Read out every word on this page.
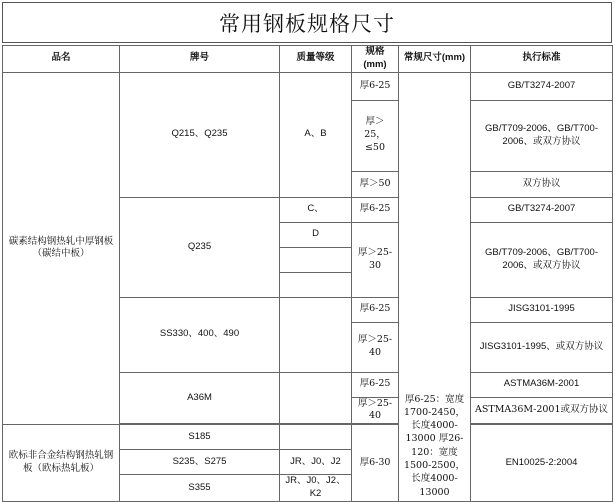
常用钢板规格尺寸
品名	牌号	质量等级	规格(mm)	常规尺寸(mm)	执行标准
碳素结构钢热轧中厚钢板（碳结中板）	Q215、Q235	A、B	厚6-25	厚6-25：宽度1700-2450，长度4000-13000 厚26-120：宽度1500-2500，长度4000-13000	GB/T3274-2007
			厚＞25，≤50		GB/T709-2006、GB/T700-2006、或双方协议
			厚＞50		双方协议
	Q235	C、	厚6-25		GB/T3274-2007
		D	厚＞25-30		GB/T709-2006、GB/T700-2006、或双方协议

	SS330、400、490		厚6-25		JISG3101-1995
			厚＞25-40		JISG3101-1995、或双方协议
	A36M		厚6-25		ASTMA36M-2001
			厚＞25-40		ASTMA36M-2001或双方协议

欧标非合金结构钢热轧钢板（欧标热轧板）	S185		厚6-30		EN10025-2:2004
	S235、S275	JR、J0、J2			
	S355	JR、J0、J2、K2			
